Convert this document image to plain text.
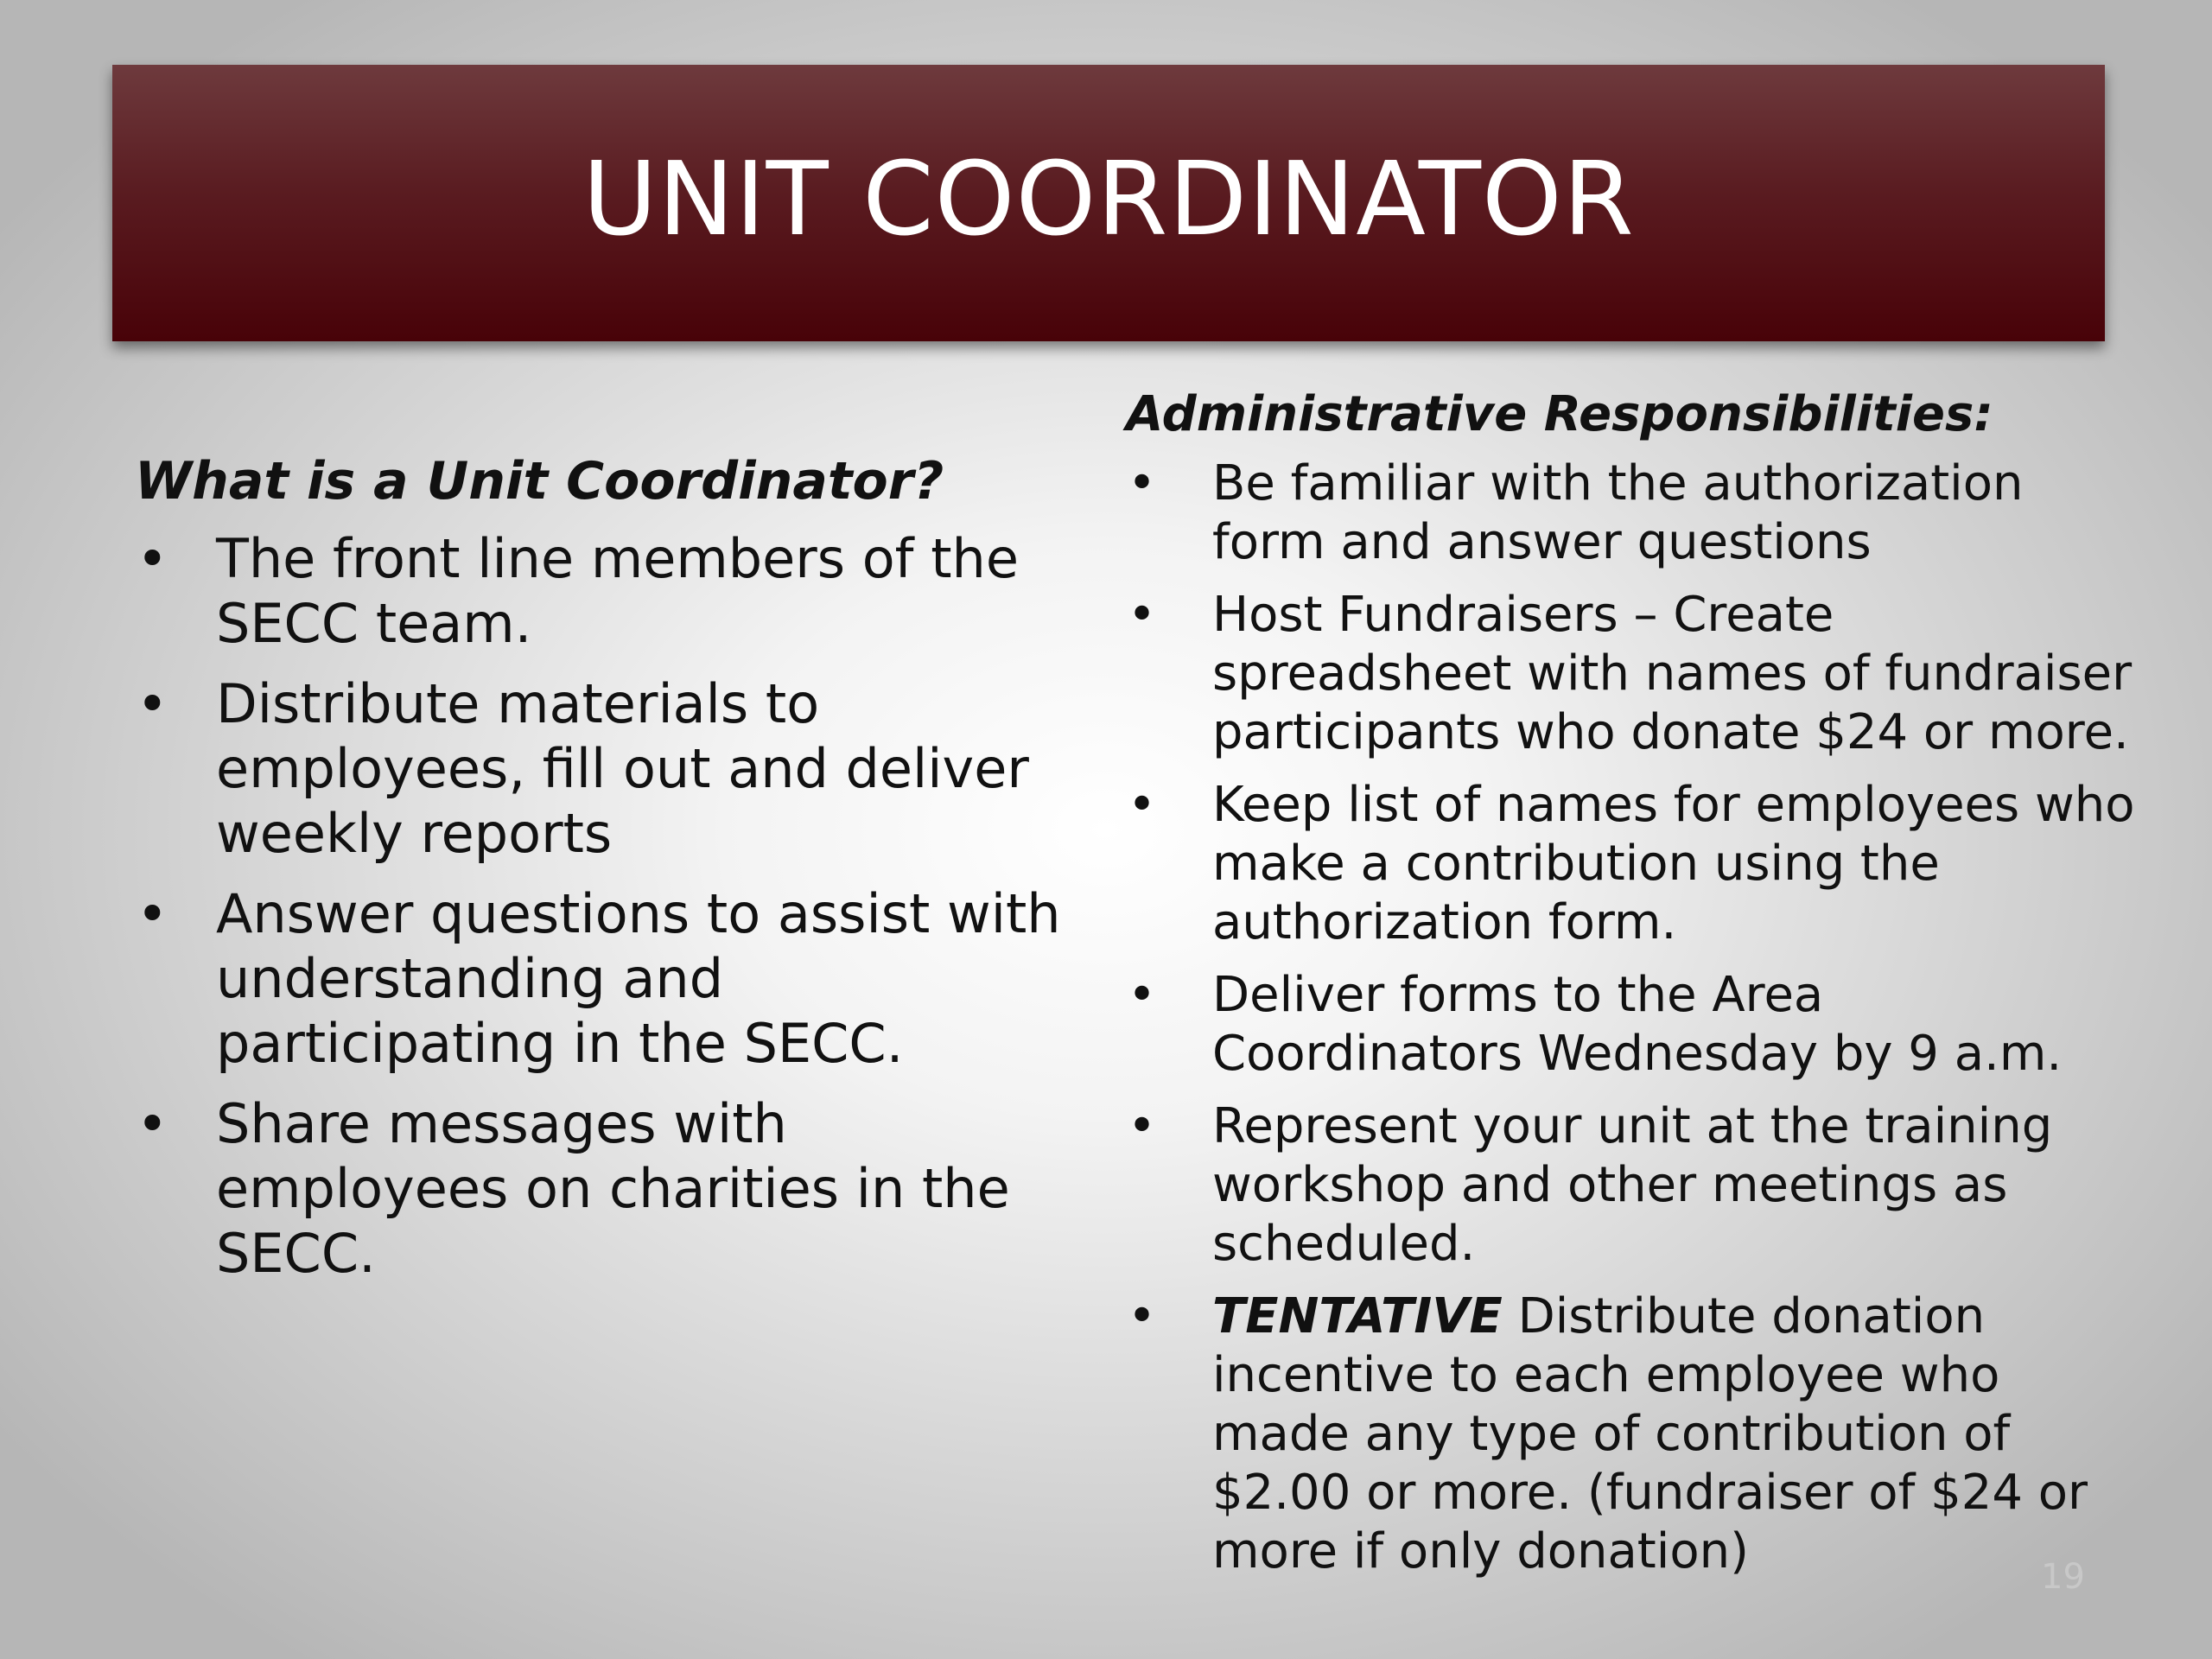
UNIT COORDINATOR

What is a Unit Coordinator?

• The front line members of the SECC team.
• Distribute materials to employees, fill out and deliver weekly reports
• Answer questions to assist with understanding and participating in the SECC.
• Share messages with employees on charities in the SECC.

Administrative Responsibilities:

• Be familiar with the authorization form and answer questions
• Host Fundraisers – Create spreadsheet with names of fundraiser participants who donate $24 or more.
• Keep list of names for employees who make a contribution using the authorization form.
• Deliver forms to the Area Coordinators Wednesday by 9 a.m.
• Represent your unit at the training workshop and other meetings as scheduled.
• TENTATIVE Distribute donation incentive to each employee who made any type of contribution of $2.00 or more. (fundraiser of $24 or more if only donation)	19
